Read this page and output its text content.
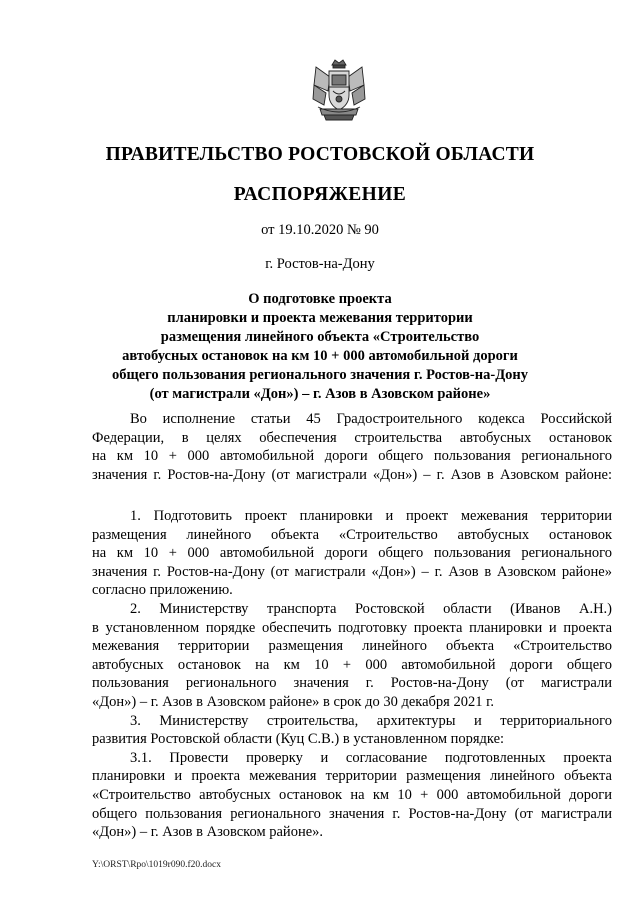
ПРАВИТЕЛЬСТВО РОСТОВСКОЙ ОБЛАСТИ
РАСПОРЯЖЕНИЕ
от 19.10.2020 № 90
г. Ростов-на-Дону
О подготовке проекта
планировки и проекта межевания территории
размещения линейного объекта «Строительство
автобусных остановок на км 10 + 000 автомобильной дороги
общего пользования регионального значения г. Ростов-на-Дону
(от магистрали «Дон») – г. Азов в Азовском районе»
Во исполнение статьи 45 Градостроительного кодекса Российской
Федерации, в целях обеспечения строительства автобусных остановок
на км 10 + 000 автомобильной дороги общего пользования регионального
значения г. Ростов-на-Дону (от магистрали «Дон») – г. Азов в Азовском районе:
1. Подготовить проект планировки и проект межевания территории
размещения линейного объекта «Строительство автобусных остановок
на км 10 + 000 автомобильной дороги общего пользования регионального
значения г. Ростов-на-Дону (от магистрали «Дон») – г. Азов в Азовском районе»
согласно приложению.
2. Министерству транспорта Ростовской области (Иванов А.Н.)
в установленном порядке обеспечить подготовку проекта планировки и проекта
межевания территории размещения линейного объекта «Строительство
автобусных остановок на км 10 + 000 автомобильной дороги общего
пользования регионального значения г. Ростов-на-Дону (от магистрали
«Дон») – г. Азов в Азовском районе» в срок до 30 декабря 2021 г.
3. Министерству строительства, архитектуры и территориального
развития Ростовской области (Куц С.В.) в установленном порядке:
3.1. Провести проверку и согласование подготовленных проекта
планировки и проекта межевания территории размещения линейного объекта
«Строительство автобусных остановок на км 10 + 000 автомобильной дороги
общего пользования регионального значения г. Ростов-на-Дону (от магистрали
«Дон») – г. Азов в Азовском районе».
Y:\ORST\Rpo\1019r090.f20.docx
